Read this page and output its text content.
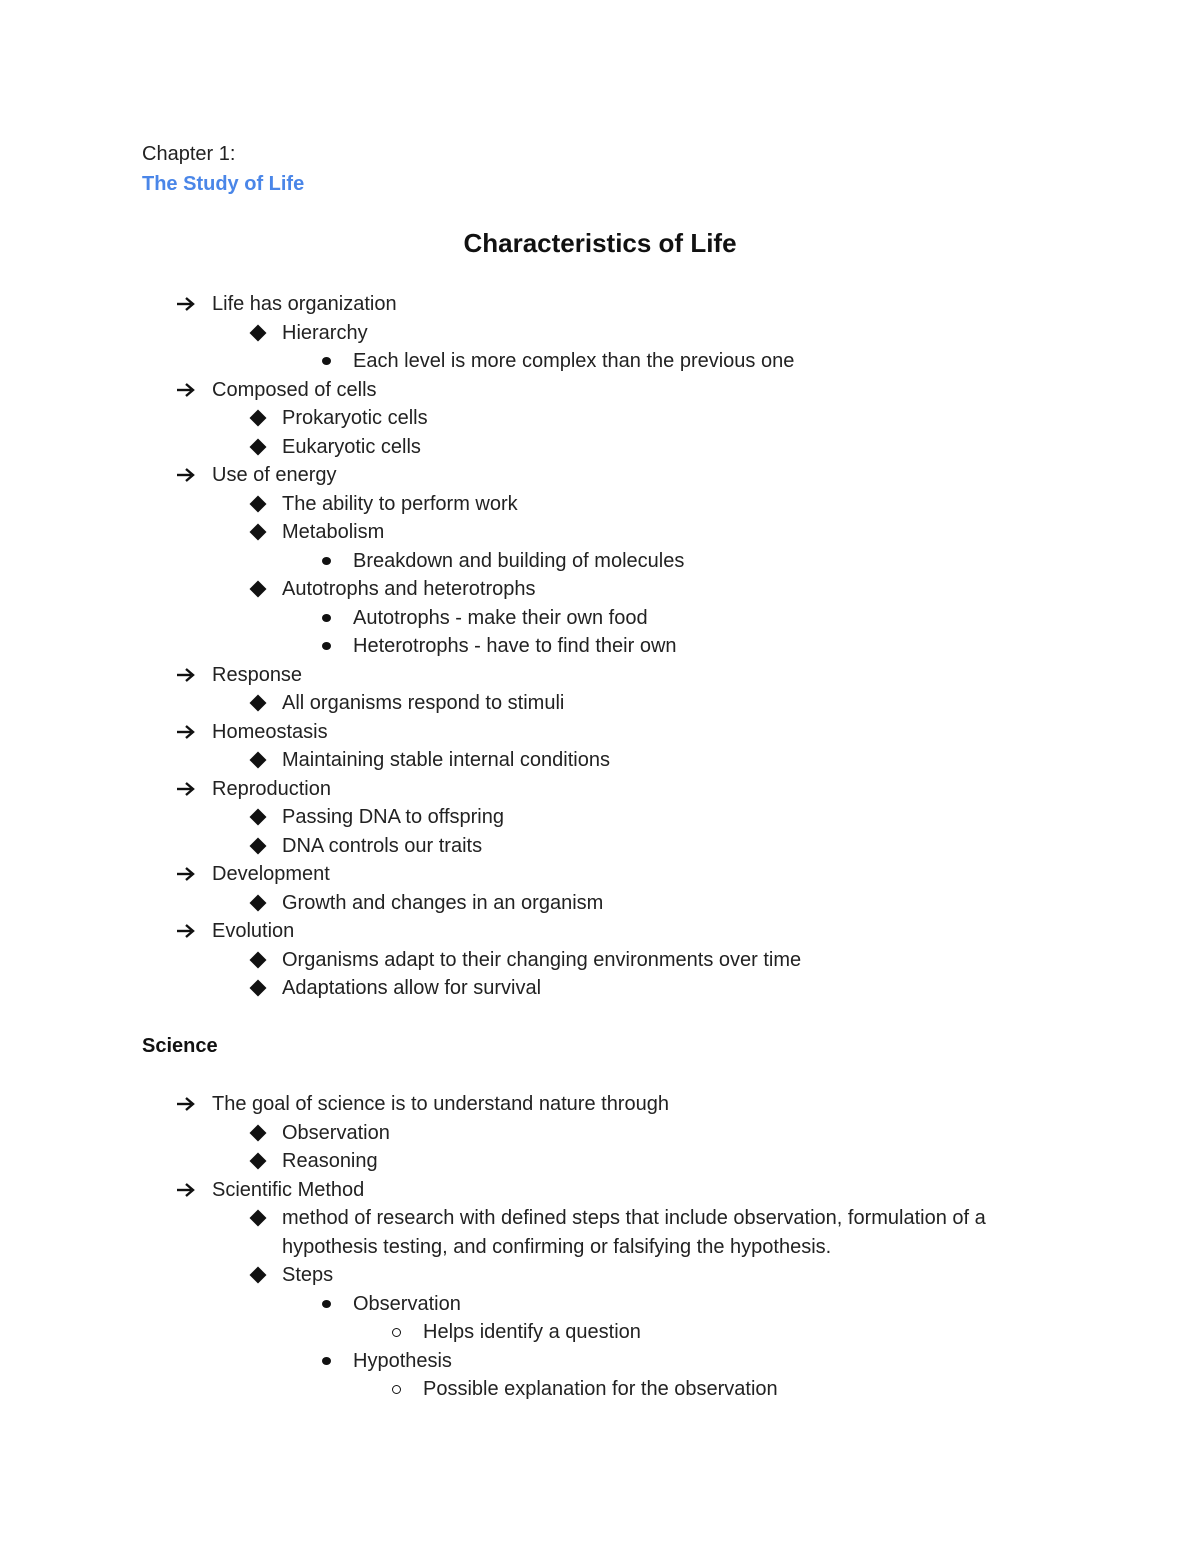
Chapter 1:
The Study of Life
Characteristics of Life
Life has organization
Hierarchy
Each level is more complex than the previous one
Composed of cells
Prokaryotic cells
Eukaryotic cells
Use of energy
The ability to perform work
Metabolism
Breakdown and building of molecules
Autotrophs and heterotrophs
Autotrophs - make their own food
Heterotrophs - have to find their own
Response
All organisms respond to stimuli
Homeostasis
Maintaining stable internal conditions
Reproduction
Passing DNA to offspring
DNA controls our traits
Development
Growth and changes in an organism
Evolution
Organisms adapt to their changing environments over time
Adaptations allow for survival
Science
The goal of science is to understand nature through
Observation
Reasoning
Scientific Method
method of research with defined steps that include observation, formulation of a hypothesis testing, and confirming or falsifying the hypothesis.
Steps
Observation
Helps identify a question
Hypothesis
Possible explanation for the observation
